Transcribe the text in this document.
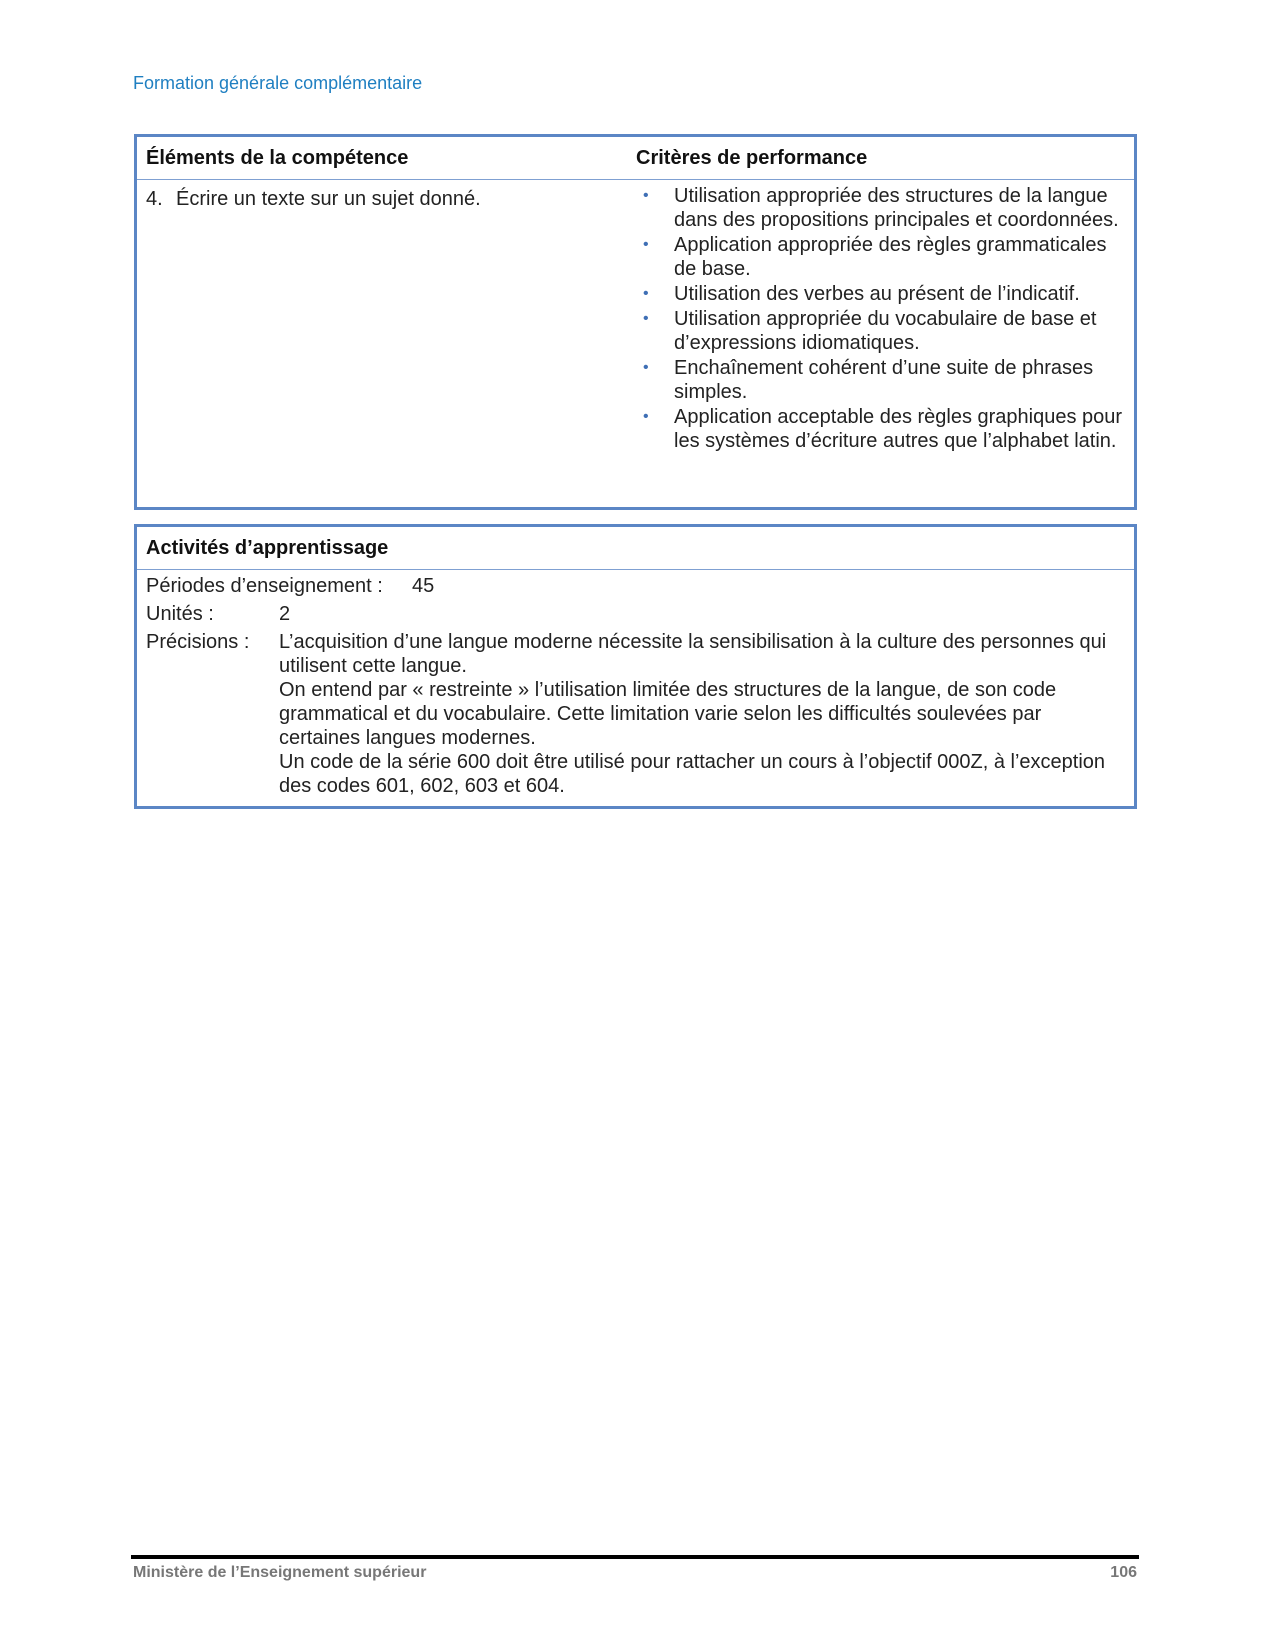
Formation générale complémentaire

Éléments de la compétence	Critères de performance
4. Écrire un texte sur un sujet donné.	•	Utilisation appropriée des structures de la langue dans des propositions principales et coordonnées.
•	Application appropriée des règles grammaticales de base.
•	Utilisation des verbes au présent de l’indicatif.
•	Utilisation appropriée du vocabulaire de base et d’expressions idiomatiques.
•	Enchaînement cohérent d’une suite de phrases simples.
•	Application acceptable des règles graphiques pour les systèmes d’écriture autres que l’alphabet latin.
Activités d’apprentissage
Périodes d’enseignement :	45
Unités :	2
Précisions :	L’acquisition d’une langue moderne nécessite la sensibilisation à la culture des personnes qui utilisent cette langue.

On entend par « restreinte » l’utilisation limitée des structures de la langue, de son code grammatical et du vocabulaire. Cette limitation varie selon les difficultés soulevées par certaines langues modernes.

Un code de la série 600 doit être utilisé pour rattacher un cours à l’objectif 000Z, à l’exception des codes 601, 602, 603 et 604.

Ministère de l’Enseignement supérieur	106
